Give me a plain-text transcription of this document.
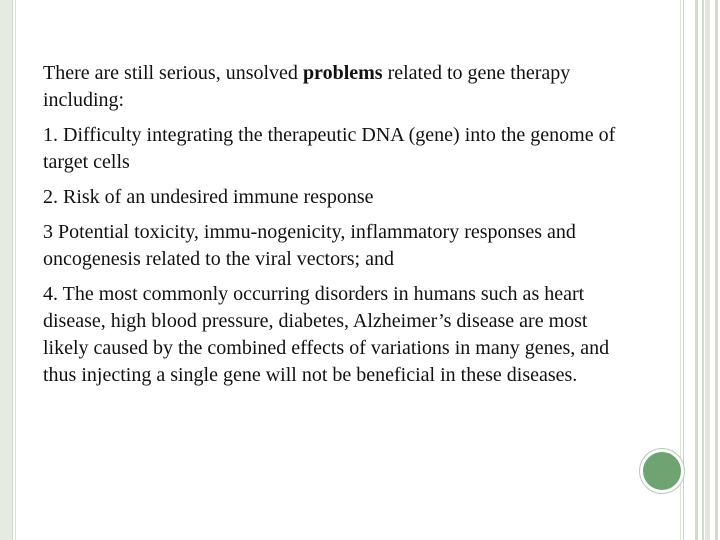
There are still serious, unsolved problems related to gene therapy including:

1. Difficulty integrating the therapeutic DNA (gene) into the genome of target cells

2. Risk of an undesired immune response

3 Potential toxicity, immu-nogenicity, inflammatory responses and oncogenesis related to the viral vectors; and

4. The most commonly occurring disorders in humans such as heart disease, high blood pressure, diabetes, Alzheimer’s disease are most likely caused by the combined effects of variations in many genes, and thus injecting a single gene will not be beneficial in these diseases.
